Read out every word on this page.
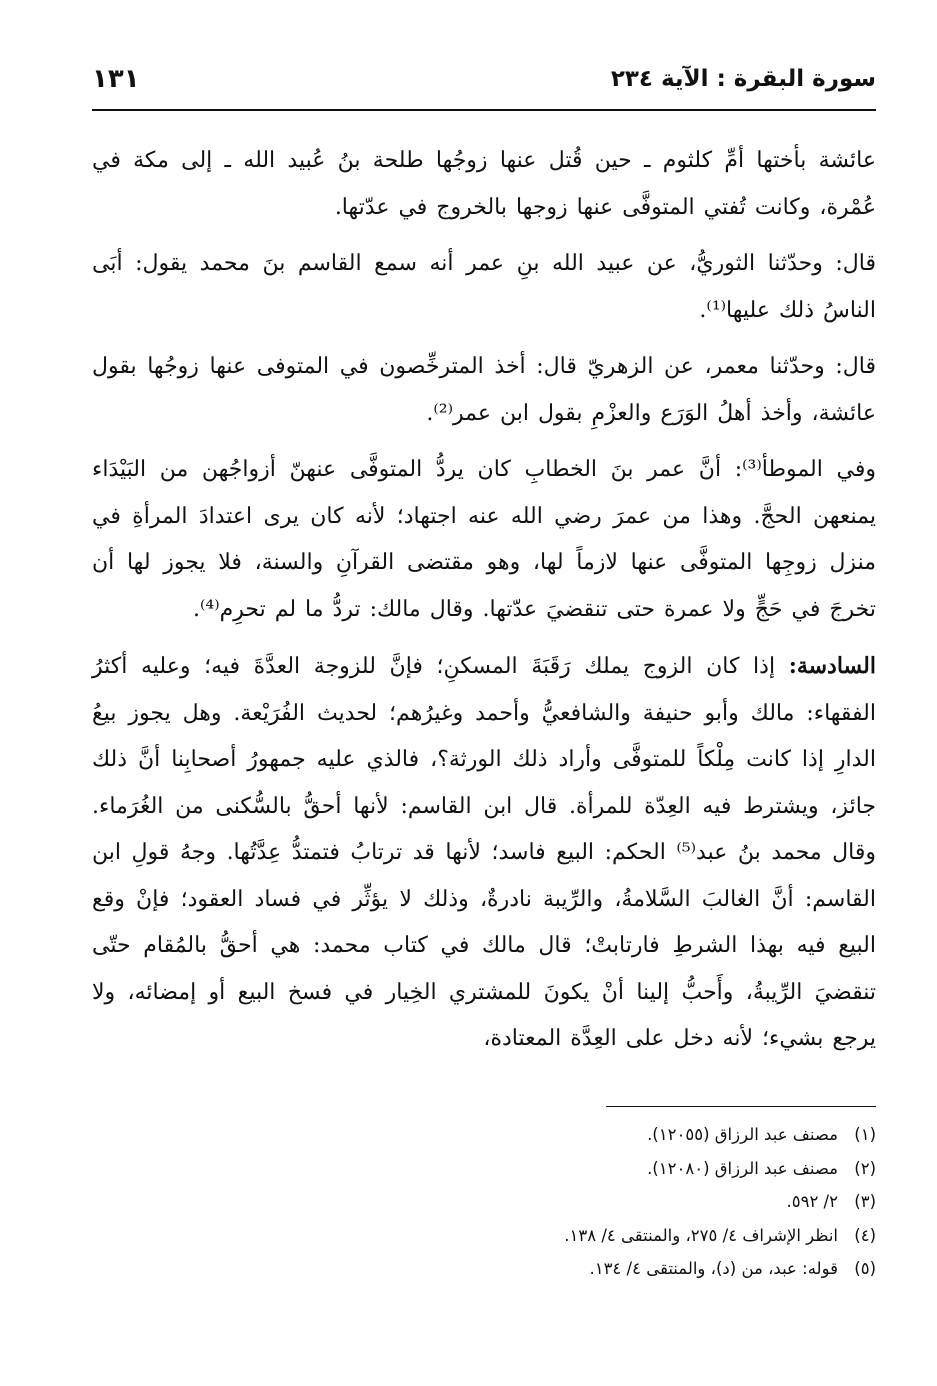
سورة البقرة : الآية ٢٣٤
١٣١

عائشة بأختها أمِّ كلثوم ـ حين قُتل عنها زوجُها طلحة بنُ عُبيد الله ـ إلى مكة في عُمْرة، وكانت تُفتي المتوفَّى عنها زوجها بالخروج في عدّتها.

قال: وحدّثنا الثوريُّ، عن عبيد الله بنِ عمر أنه سمع القاسم بنَ محمد يقول: أبَى الناسُ ذلك عليها⁽¹⁾.

قال: وحدّثنا معمر، عن الزهريّ قال: أخذ المترخِّصون في المتوفى عنها زوجُها بقول عائشة، وأخذ أهلُ الوَرَع والعزْمِ بقول ابن عمر⁽²⁾.

وفي الموطأ⁽³⁾: أنَّ عمر بنَ الخطابِ كان يردُّ المتوفَّى عنهنّ أزواجُهن من البَيْدَاء يمنعهن الحجَّ. وهذا من عمرَ رضي الله عنه اجتهاد؛ لأنه كان يرى اعتدادَ المرأةِ في منزل زوجِها المتوفَّى عنها لازماً لها، وهو مقتضى القرآنِ والسنة، فلا يجوز لها أن تخرجَ في حَجٍّ ولا عمرة حتى تنقضيَ عدّتها. وقال مالك: تردُّ ما لم تحرِم⁽⁴⁾.

السادسة: إذا كان الزوج يملك رَقَبَةَ المسكنِ؛ فإنَّ للزوجة العدَّةَ فيه؛ وعليه أكثرُ الفقهاء: مالك وأبو حنيفة والشافعيُّ وأحمد وغيرُهم؛ لحديث الفُرَيْعة. وهل يجوز بيعُ الدارِ إذا كانت مِلْكاً للمتوفَّى وأراد ذلك الورثة؟، فالذي عليه جمهورُ أصحابِنا أنَّ ذلك جائز، ويشترط فيه العِدّة للمرأة. قال ابن القاسم: لأنها أحقُّ بالسُّكنى من الغُرَماء. وقال محمد بنُ عبد⁽⁵⁾ الحكم: البيع فاسد؛ لأنها قد ترتابُ فتمتدُّ عِدَّتُها. وجهُ قولِ ابن القاسم: أنَّ الغالبَ السَّلامةُ، والرِّيبة نادرةٌ، وذلك لا يؤثِّر في فساد العقود؛ فإنْ وقع البيع فيه بهذا الشرطِ فارتابتْ؛ قال مالك في كتاب محمد: هي أحقُّ بالمُقام حتّى تنقضيَ الرِّيبةُ، وأَحبُّ إلينا أنْ يكونَ للمشتري الخِيار في فسخ البيع أو إمضائه، ولا يرجع بشيء؛ لأنه دخل على العِدَّة المعتادة،

(١)مصنف عبد الرزاق (١٢٠٥٥).

(٢)مصنف عبد الرزاق (١٢٠٨٠).

(٣)٢/ ٥٩٢.

(٤)انظر الإشراف ٤/ ٢٧٥، والمنتقى ٤/ ١٣٨.

(٥)قوله: عبد، من (د)، والمنتقى ٤/ ١٣٤.
